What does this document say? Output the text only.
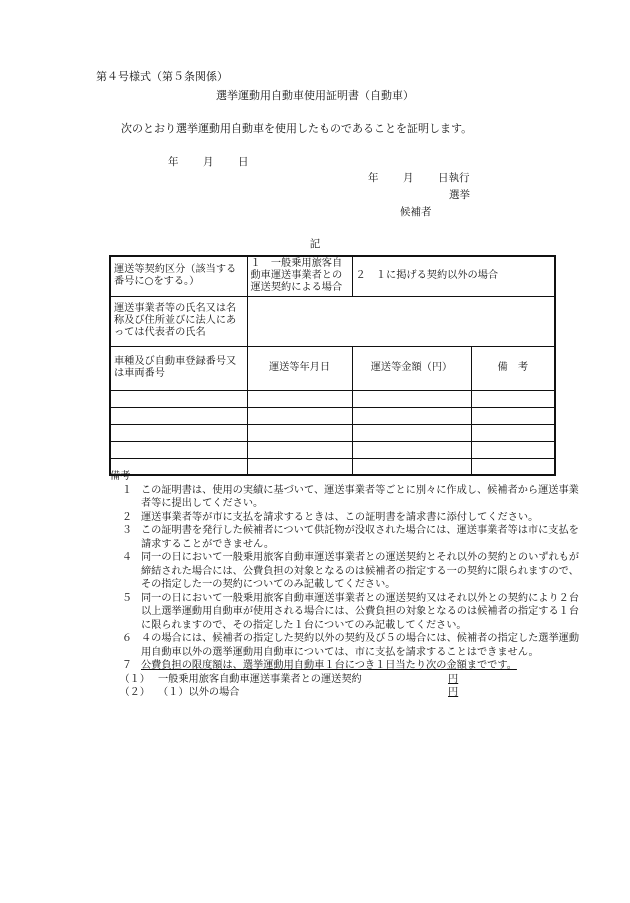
第４号様式（第５条関係）
選挙運動用自動車使用証明書（自動車）
次のとおり選挙運動用自動車を使用したものであることを証明します。
年 月 日
年 月 日執行
選挙
候補者
記
運送等契約区分（該当する番号に○をする。）	１　一般乗用旅客自動車運送事業者との運送契約による場合	２　１に掲げる契約以外の場合	
運送事業者等の氏名又は名称及び住所並びに法人にあっては代表者の氏名			
車種及び自動車登録番号又は車両番号	運送等年月日	運送等金額（円）	備　考

備考

１ この証明書は、使用の実績に基づいて、運送事業者等ごとに別々に作成し、候補者から運送事業者等に提出してください。

２ 運送事業者等が市に支払を請求するときは、この証明書を請求書に添付してください。

３ この証明書を発行した候補者について供託物が没収された場合には、運送事業者等は市に支払を請求することができません。

４ 同一の日において一般乗用旅客自動車運送事業者との運送契約とそれ以外の契約とのいずれもが締結された場合には、公費負担の対象となるのは候補者の指定する一の契約に限られますので、その指定した一の契約についてのみ記載してください。

５ 同一の日において一般乗用旅客自動車運送事業者との運送契約又はそれ以外との契約により２台以上選挙運動用自動車が使用される場合には、公費負担の対象となるのは候補者の指定する１台に限られますので、その指定した１台についてのみ記載してください。

６ ４の場合には、候補者の指定した契約以外の契約及び５の場合には、候補者の指定した選挙運動用自動車以外の選挙運動用自動車については、市に支払を請求することはできません。

７ 公費負担の限度額は、選挙運動用自動車１台につき１日当たり次の金額までです。

（１） 一般乗用旅客自動車運送事業者との運送契約	円

（２） （１）以外の場合	円
